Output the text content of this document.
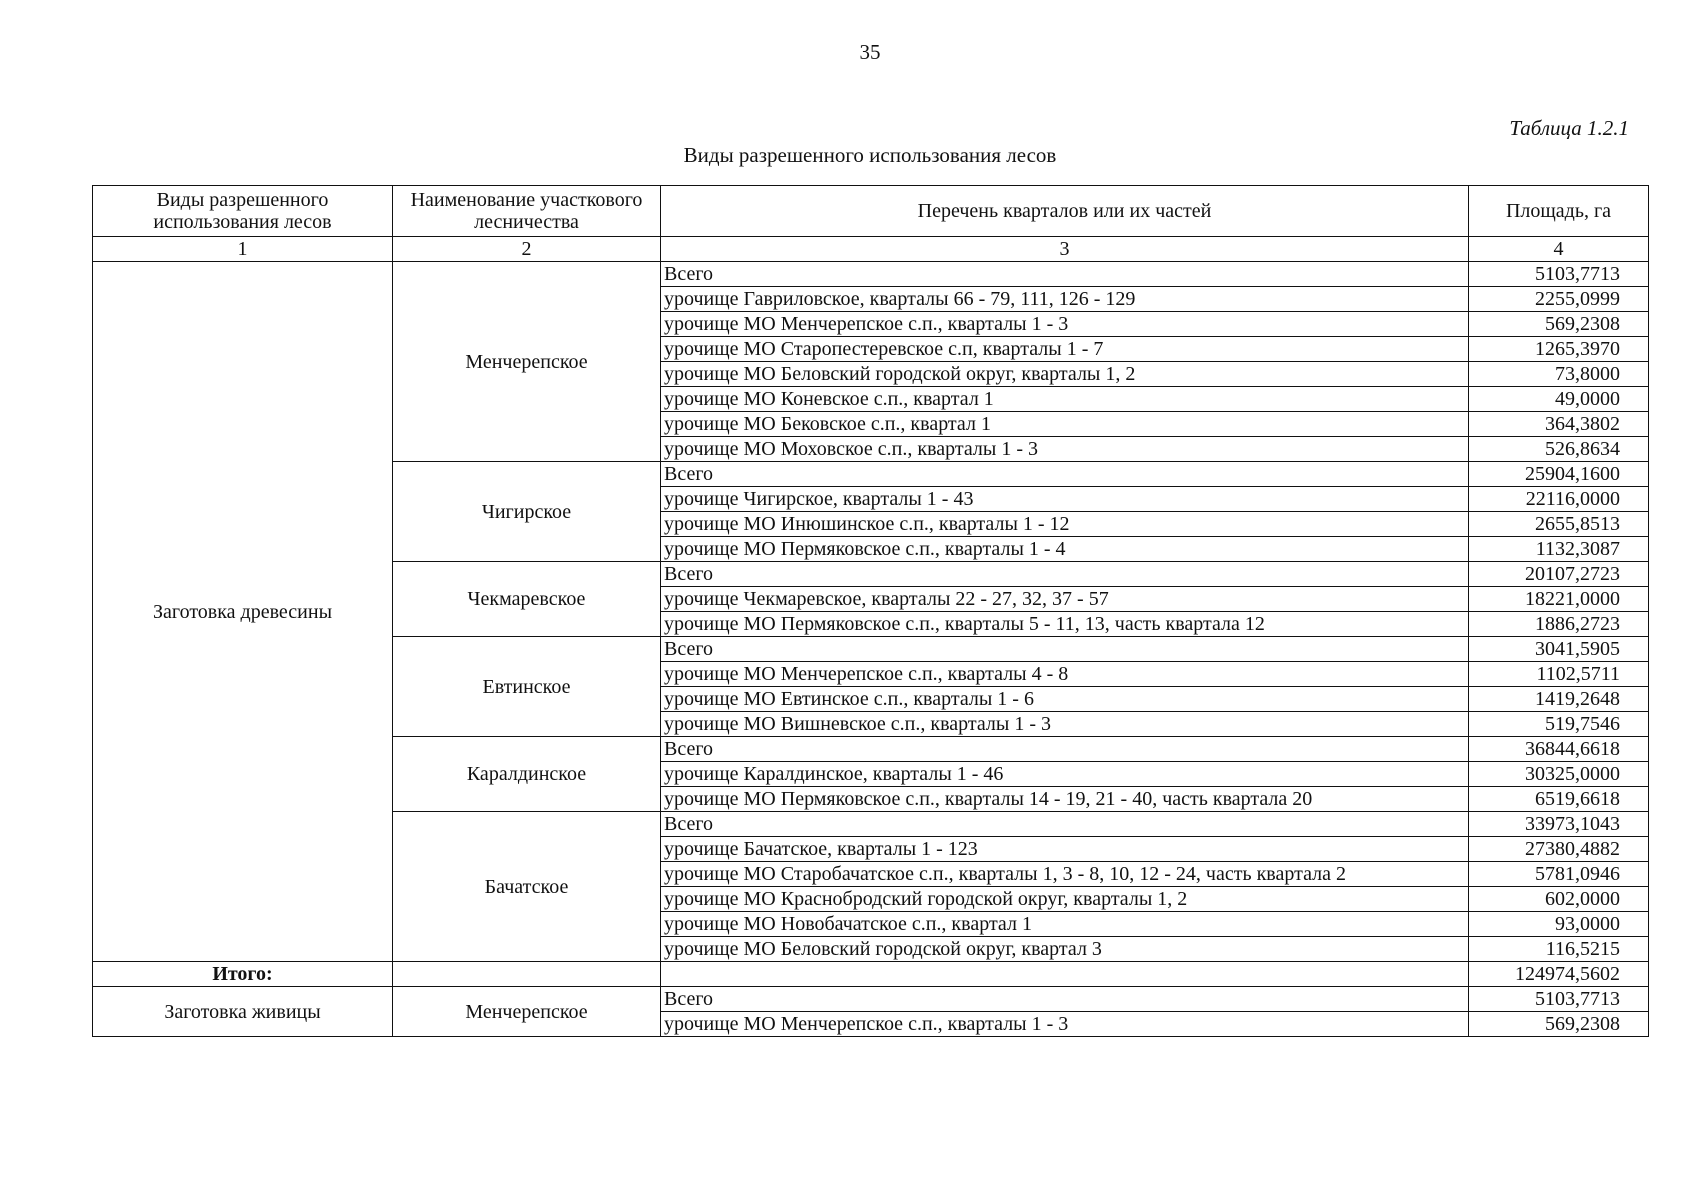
35
Таблица 1.2.1
Виды разрешенного использования лесов
Виды разрешенного использования лесов	Наименование участкового лесничества	Перечень кварталов или их частей	Площадь, га
1	2	3	4
Заготовка древесины	Менчерепское	Всего	5103,7713
		урочище Гавриловское, кварталы 66 - 79, 111, 126 - 129	2255,0999
		урочище МО Менчерепское с.п., кварталы 1 - 3	569,2308
		урочище МО Старопестеревское с.п, кварталы 1 - 7	1265,3970
		урочище МО Беловский городской округ, кварталы 1, 2	73,8000
		урочище МО Коневское с.п., квартал 1	49,0000
		урочище МО Бековское с.п., квартал 1	364,3802
		урочище МО Моховское с.п., кварталы 1 - 3	526,8634
	Чигирское	Всего	25904,1600
		урочище Чигирское, кварталы 1 - 43	22116,0000
		урочище МО Инюшинское с.п., кварталы 1 - 12	2655,8513
		урочище МО Пермяковское с.п., кварталы 1 - 4	1132,3087
	Чекмаревское	Всего	20107,2723
		урочище Чекмаревское, кварталы 22 - 27, 32, 37 - 57	18221,0000
		урочище МО Пермяковское с.п., кварталы 5 - 11, 13, часть квартала 12	1886,2723
	Евтинское	Всего	3041,5905
		урочище МО Менчерепское с.п., кварталы 4 - 8	1102,5711
		урочище МО Евтинское с.п., кварталы 1 - 6	1419,2648
		урочище МО Вишневское с.п., кварталы 1 - 3	519,7546
	Каралдинское	Всего	36844,6618
		урочище Каралдинское, кварталы 1 - 46	30325,0000
		урочище МО Пермяковское с.п., кварталы 14 - 19, 21 - 40, часть квартала 20	6519,6618
	Бачатское	Всего	33973,1043
		урочище Бачатское, кварталы 1 - 123	27380,4882
		урочище МО Старобачатское с.п., кварталы 1, 3 - 8, 10, 12 - 24, часть квартала 2	5781,0946
		урочище МО Краснобродский городской округ, кварталы 1, 2	602,0000
		урочище МО Новобачатское с.п., квартал 1	93,0000
		урочище МО Беловский городской округ, квартал 3	116,5215
Итого:			124974,5602
Заготовка живицы	Менчерепское	Всего	5103,7713
		урочище МО Менчерепское с.п., кварталы 1 - 3	569,2308
